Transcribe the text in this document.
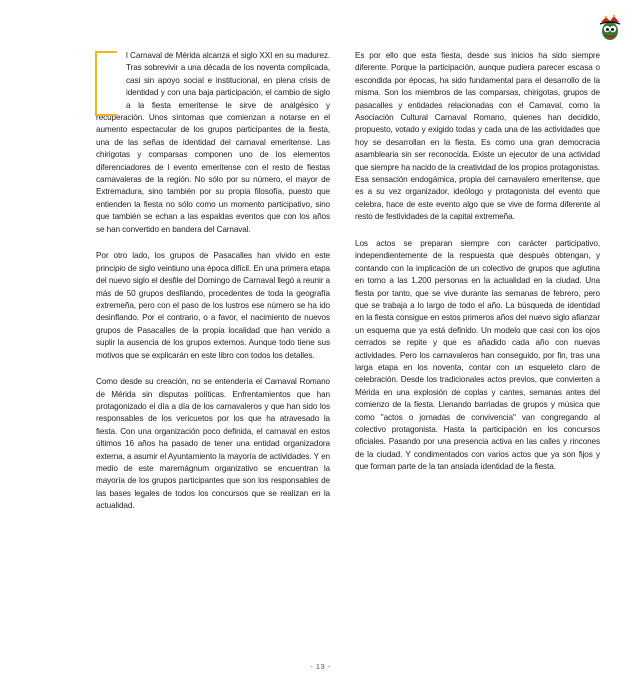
l Carnaval de Mérida alcanza el siglo XXI en su madurez. Tras sobrevivir a una década de los noventa complicada, casi sin apoyo social e institucional, en plena crisis de identidad y con una baja participación, el cambio de siglo a la fiesta emeritense le sirve de analgésico y recuperación. Unos síntomas que comienzan a notarse en el aumento espectacular de los grupos participantes de la fiesta, una de las señas de identidad del carnaval emeritense. Las chirigotas y comparsas componen uno de los elementos diferenciadores de l evento emeritense con el resto de fiestas carnavaleras de la región. No sólo por su número, el mayor de Extremadura, sino también por su propia filosofía, puesto que entienden la fiesta no sólo como un momento participativo, sino que también se echan a las espaldas eventos que con los años se han convertido en bandera del Carnaval.

Por otro lado, los grupos de Pasacalles han vivido en este principio de siglo veintiuno una época difícil. En una primera etapa del nuevo siglo el desfile del Domingo de Carnaval llegó a reunir a más de 50 grupos desfilando, procedentes de toda la geografía extremeña, pero con el paso de los lustros ese número se ha ido desinflando. Por el contrario, o a favor, el nacimiento de nuevos grupos de Pasacalles de la propia localidad que han venido a suplir la ausencia de los grupos externos. Aunque todo tiene sus motivos que se explicarán en este libro con todos los detalles.

Como desde su creación, no se entendería el Carnaval Romano de Mérida sin disputas políticas. Enfrentamientos que han protagonizado el día a día de los carnavaleros y que han sido los responsables de los vericuetos por los que ha atravesado la fiesta. Con una organización poco definida, el carnaval en estos últimos 16 años ha pasado de tener una entidad organizadora externa, a asumir el Ayuntamiento la mayoría de actividades. Y en medio de este maremágnum organizativo se encuentran la mayoría de los grupos participantes que son los responsables de las bases legales de todos los concursos que se realizan en la actualidad.

Es por ello que esta fiesta, desde sus inicios ha sido siempre diferente. Porque la participación, aunque pudiera parecer escasa o escondida por épocas, ha sido fundamental para el desarrollo de la misma. Son los miembros de las comparsas, chirigotas, grupos de pasacalles y entidades relacionadas con el Carnaval, como la Asociación Cultural Carnaval Romano, quienes han decidido, propuesto, votado y exigido todas y cada una de las actividades que hoy se desarrollan en la fiesta. Es como una gran democracia asamblearia sin ser reconocida. Existe un ejecutor de una actividad que siempre ha nacido de la creatividad de los propios protagonistas. Esa sensación endogámica, propia del carnavalero emeritense, que es a su vez organizador, ideólogo y protagonista del evento que celebra, hace de este evento algo que se vive de forma diferente al resto de festividades de la capital extremeña.

Los actos se preparan siempre con carácter participativo, independientemente de la respuesta que después obtengan, y contando con la implicación de un colectivo de grupos que aglutina en torno a las 1.200 personas en la actualidad en la ciudad. Una fiesta por tanto, que se vive durante las semanas de febrero, pero que se trabaja a lo largo de todo el año. La búsqueda de identidad en la fiesta consigue en estos primeros años del nuevo siglo afianzar un esquema que ya está definido. Un modelo que casi con los ojos cerrados se repite y que es añadido cada año con nuevas actividades. Pero los carnavaleros han conseguido, por fin, tras una larga etapa en los noventa, contar con un esqueleto claro de celebración. Desde los tradicionales actos previos, que convierten a Mérida en una explosión de coplas y cantes, semanas antes del comienzo de la fiesta. Llenando barriadas de grupos y música que como "actos o jornadas de convivencia" van congregando al colectivo protagonista. Hasta la participación en los concursos oficiales. Pasando por una presencia activa en las calles y rincones de la ciudad. Y condimentados con varios actos que ya son fijos y que forman parte de la tan ansiada identidad de la fiesta.

- 13 -
